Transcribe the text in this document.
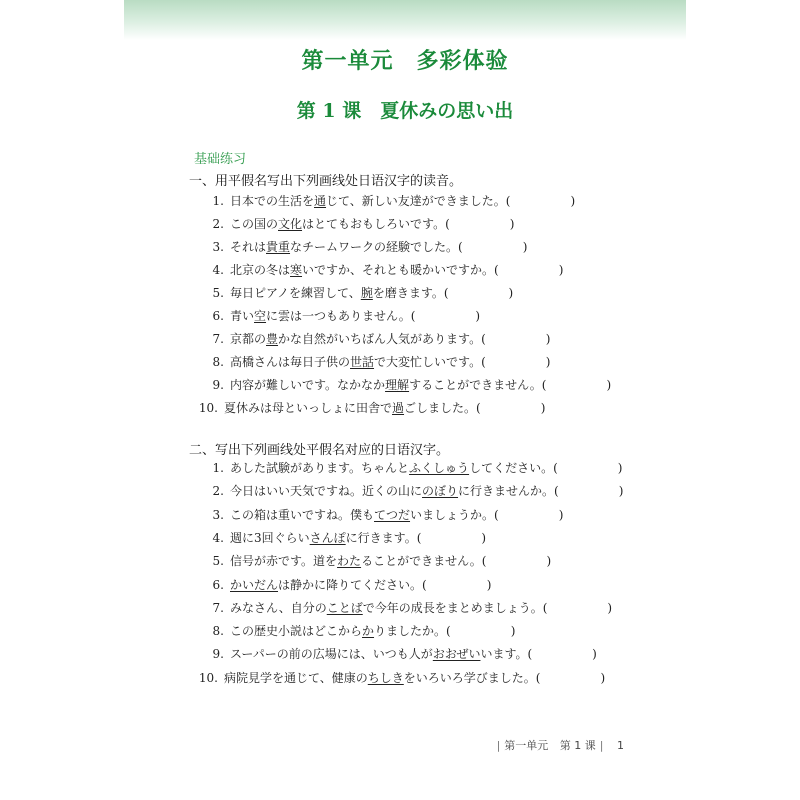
第一单元　多彩体验
第 1 课　夏休みの思い出
基础练习
一、用平假名写出下列画线处日语汉字的读音。
1. 日本での生活を通じて、新しい友達ができました。(　　　　　)
2. この国の文化はとてもおもしろいです。(　　　　　)
3. それは貴重なチームワークの経験でした。(　　　　　)
4. 北京の冬は寒いですか、それとも暖かいですか。(　　　　　)
5. 毎日ピアノを練習して、腕を磨きます。(　　　　　)
6. 青い空に雲は一つもありません。(　　　　　)
7. 京都の豊かな自然がいちばん人気があります。(　　　　　)
8. 高橋さんは毎日子供の世話で大変忙しいです。(　　　　　)
9. 内容が難しいです。なかなか理解することができません。(　　　　　)
10. 夏休みは母といっしょに田舎で過ごしました。(　　　　　)
二、写出下列画线处平假名对应的日语汉字。
1. あした試験があります。ちゃんとふくしゅうしてください。(　　　　　)
2. 今日はいい天気ですね。近くの山にのぼりに行きませんか。(　　　　　)
3. この箱は重いですね。僕もてつだいましょうか。(　　　　　)
4. 週に3回ぐらいさんぽに行きます。(　　　　　)
5. 信号が赤です。道をわたることができません。(　　　　　)
6. かいだんは静かに降りてください。(　　　　　)
7. みなさん、自分のことばで今年の成長をまとめましょう。(　　　　　)
8. この歴史小説はどこからかりましたか。(　　　　　)
9. スーパーの前の広場には、いつも人がおおぜいいます。(　　　　　)
10. 病院見学を通じて、健康のちしきをいろいろ学びました。(　　　　　)
| 第一单元 第 1 课 | 1
